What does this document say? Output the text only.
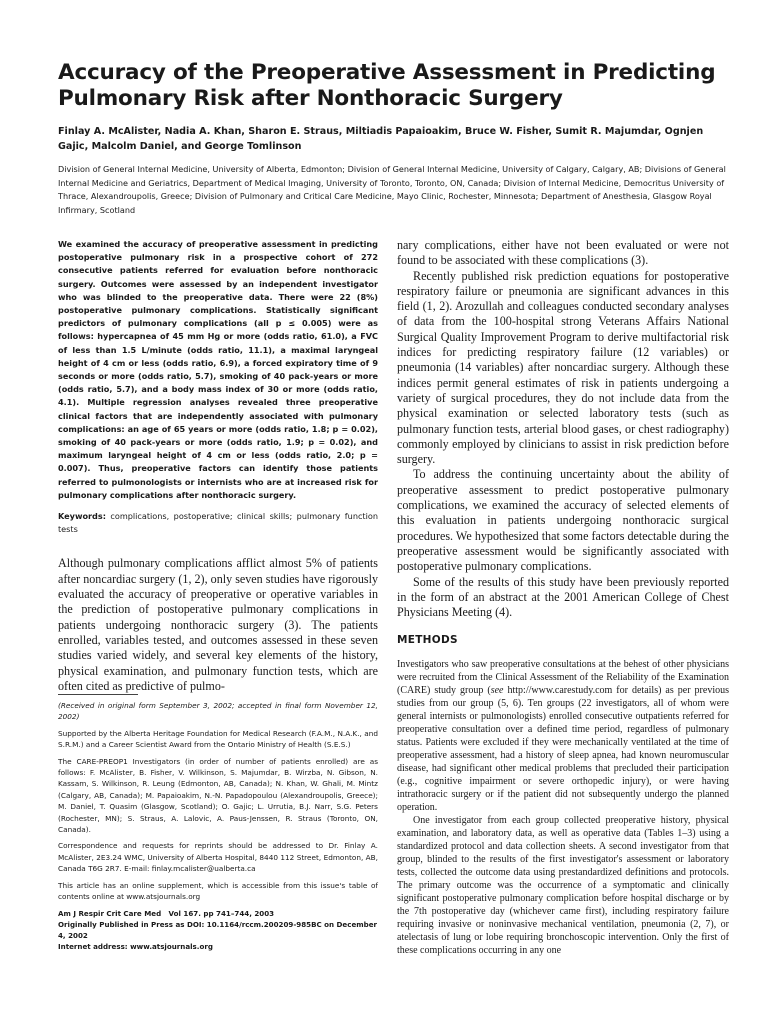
Accuracy of the Preoperative Assessment in Predicting Pulmonary Risk after Nonthoracic Surgery
Finlay A. McAlister, Nadia A. Khan, Sharon E. Straus, Miltiadis Papaioakim, Bruce W. Fisher, Sumit R. Majumdar, Ognjen Gajic, Malcolm Daniel, and George Tomlinson
Division of General Internal Medicine, University of Alberta, Edmonton; Division of General Internal Medicine, University of Calgary, Calgary, AB; Divisions of General Internal Medicine and Geriatrics, Department of Medical Imaging, University of Toronto, Toronto, ON, Canada; Division of Internal Medicine, Democritus University of Thrace, Alexandroupolis, Greece; Division of Pulmonary and Critical Care Medicine, Mayo Clinic, Rochester, Minnesota; Department of Anesthesia, Glasgow Royal Infirmary, Scotland

We examined the accuracy of preoperative assessment in predicting postoperative pulmonary risk in a prospective cohort of 272 consecutive patients referred for evaluation before nonthoracic surgery. Outcomes were assessed by an independent investigator who was blinded to the preoperative data. There were 22 (8%) postoperative pulmonary complications. Statistically significant predictors of pulmonary complications (all p ≤ 0.005) were as follows: hypercapnea of 45 mm Hg or more (odds ratio, 61.0), a FVC of less than 1.5 L/minute (odds ratio, 11.1), a maximal laryngeal height of 4 cm or less (odds ratio, 6.9), a forced expiratory time of 9 seconds or more (odds ratio, 5.7), smoking of 40 pack-years or more (odds ratio, 5.7), and a body mass index of 30 or more (odds ratio, 4.1). Multiple regression analyses revealed three preoperative clinical factors that are independently associated with pulmonary complications: an age of 65 years or more (odds ratio, 1.8; p = 0.02), smoking of 40 pack-years or more (odds ratio, 1.9; p = 0.02), and maximum laryngeal height of 4 cm or less (odds ratio, 2.0; p = 0.007). Thus, preoperative factors can identify those patients referred to pulmonologists or internists who are at increased risk for pulmonary complications after nonthoracic surgery.

Keywords: complications, postoperative; clinical skills; pulmonary function tests

Although pulmonary complications afflict almost 5% of patients after noncardiac surgery (1, 2), only seven studies have rigorously evaluated the accuracy of preoperative or operative variables in the prediction of postoperative pulmonary complications in patients undergoing nonthoracic surgery (3). The patients enrolled, variables tested, and outcomes assessed in these seven studies varied widely, and several key elements of the history, physical examination, and pulmonary function tests, which are often cited as predictive of pulmo-

(Received in original form September 3, 2002; accepted in final form November 12, 2002)

Supported by the Alberta Heritage Foundation for Medical Research (F.A.M., N.A.K., and S.R.M.) and a Career Scientist Award from the Ontario Ministry of Health (S.E.S.)

The CARE-PREOP1 Investigators (in order of number of patients enrolled) are as follows: F. McAlister, B. Fisher, V. Wilkinson, S. Majumdar, B. Wirzba, N. Gibson, N. Kassam, S. Wilkinson, R. Leung (Edmonton, AB, Canada); N. Khan, W. Ghali, M. Mintz (Calgary, AB, Canada); M. Papaioakim, N.-N. Papadopoulou (Alexandroupolis, Greece); M. Daniel, T. Quasim (Glasgow, Scotland); O. Gajic; L. Urrutia, B.J. Narr, S.G. Peters (Rochester, MN); S. Straus, A. Lalovic, A. Paus-Jenssen, R. Straus (Toronto, ON, Canada).

Correspondence and requests for reprints should be addressed to Dr. Finlay A. McAlister, 2E3.24 WMC, University of Alberta Hospital, 8440 112 Street, Edmonton, AB, Canada T6G 2R7. E-mail: finlay.mcalister@ualberta.ca

This article has an online supplement, which is accessible from this issue's table of contents online at www.atsjournals.org

Am J Respir Crit Care Med   Vol 167. pp 741–744, 2003

Originally Published in Press as DOI: 10.1164/rccm.200209-985BC on December 4, 2002

Internet address: www.atsjournals.org

nary complications, either have not been evaluated or were not found to be associated with these complications (3).

Recently published risk prediction equations for postoperative respiratory failure or pneumonia are significant advances in this field (1, 2). Arozullah and colleagues conducted secondary analyses of data from the 100-hospital strong Veterans Affairs National Surgical Quality Improvement Program to derive multifactorial risk indices for predicting respiratory failure (12 variables) or pneumonia (14 variables) after noncardiac surgery. Although these indices permit general estimates of risk in patients undergoing a variety of surgical procedures, they do not include data from the physical examination or selected laboratory tests (such as pulmonary function tests, arterial blood gases, or chest radiography) commonly employed by clinicians to assist in risk prediction before surgery.

To address the continuing uncertainty about the ability of preoperative assessment to predict postoperative pulmonary complications, we examined the accuracy of selected elements of this evaluation in patients undergoing nonthoracic surgical procedures. We hypothesized that some factors detectable during the preoperative assessment would be significantly associated with postoperative pulmonary complications.

Some of the results of this study have been previously reported in the form of an abstract at the 2001 American College of Chest Physicians Meeting (4).

METHODS

Investigators who saw preoperative consultations at the behest of other physicians were recruited from the Clinical Assessment of the Reliability of the Examination (CARE) study group (see http://www.carestudy.com for details) as per previous studies from our group (5, 6). Ten groups (22 investigators, all of whom were general internists or pulmonologists) enrolled consecutive outpatients referred for preoperative consultation over a defined time period, regardless of pulmonary status. Patients were excluded if they were mechanically ventilated at the time of preoperative assessment, had a history of sleep apnea, had known neuromuscular disease, had significant other medical problems that precluded their participation (e.g., cognitive impairment or severe orthopedic injury), or were having intrathoracic surgery or if the patient did not subsequently undergo the planned operation.

One investigator from each group collected preoperative history, physical examination, and laboratory data, as well as operative data (Tables 1–3) using a standardized protocol and data collection sheets. A second investigator from that group, blinded to the results of the first investigator's assessment or laboratory tests, collected the outcome data using prestandardized definitions and protocols. The primary outcome was the occurrence of a symptomatic and clinically significant postoperative pulmonary complication before hospital discharge or by the 7th postoperative day (whichever came first), including respiratory failure requiring invasive or noninvasive mechanical ventilation, pneumonia (2, 7), or atelectasis of lung or lobe requiring bronchoscopic intervention. Only the first of these complications occurring in any one
